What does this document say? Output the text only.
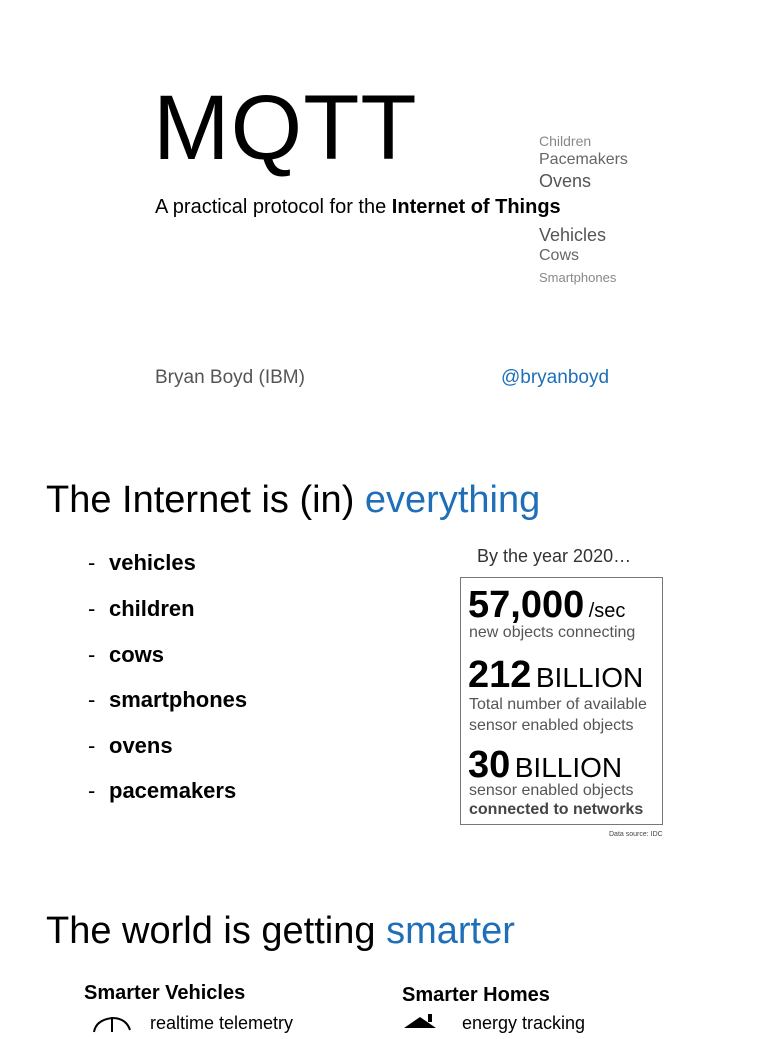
MQTT
A practical protocol for the Internet of Things
Children
Pacemakers
Ovens
Vehicles
Cows
Smartphones
Bryan Boyd (IBM)	@bryanboyd
The Internet is (in) everything
- vehicles
- children
- cows
- smartphones
- ovens
- pacemakers
By the year 2020…
57,000 /sec
new objects connecting
212 BILLION
Total number of available
sensor enabled objects
30 BILLION
sensor enabled objects
connected to networks
Data source: IDC
The world is getting smarter
Smarter Vehicles
realtime telemetry
Smarter Homes
energy tracking
